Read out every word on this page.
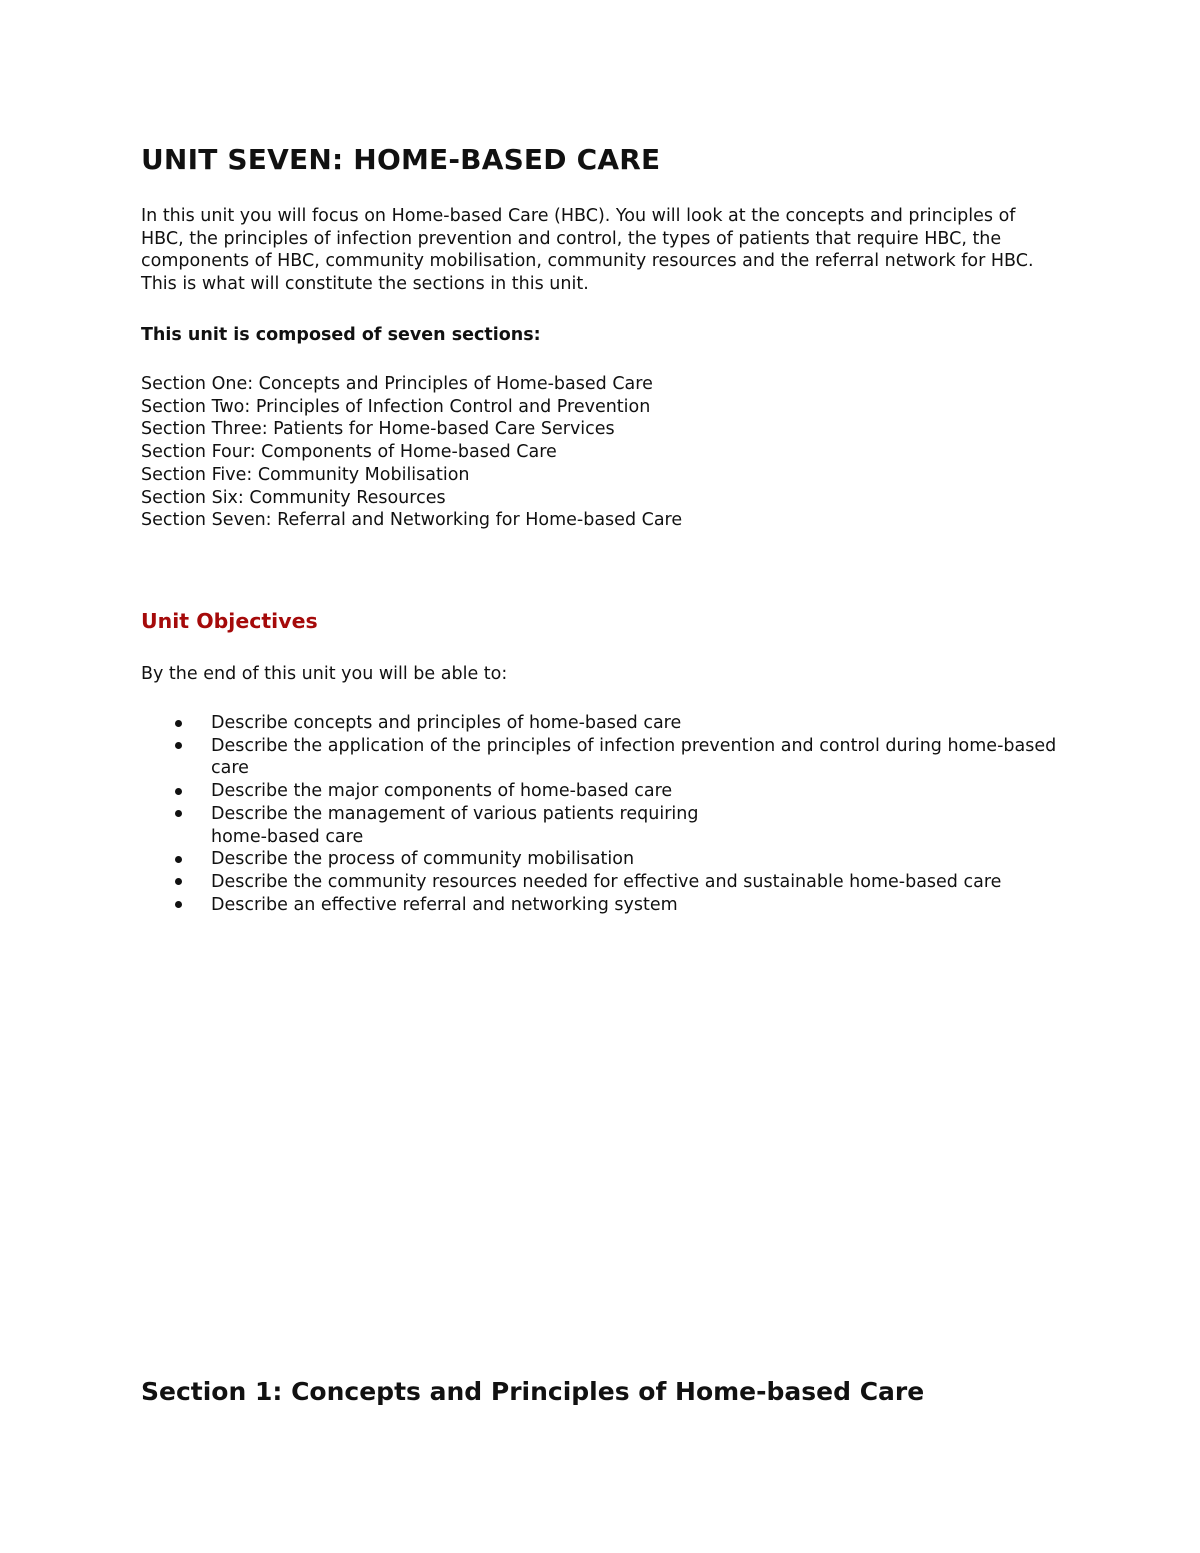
UNIT SEVEN: HOME-BASED CARE

In this unit you will focus on Home-based Care (HBC). You will look at the concepts and principles of
HBC, the principles of infection prevention and control, the types of patients that require HBC, the
components of HBC, community mobilisation, community resources and the referral network for HBC.
This is what will constitute the sections in this unit.

This unit is composed of seven sections:

Section One: Concepts and Principles of Home-based Care
Section Two: Principles of Infection Control and Prevention
Section Three: Patients for Home-based Care Services
Section Four: Components of Home-based Care
Section Five: Community Mobilisation
Section Six: Community Resources
Section Seven: Referral and Networking for Home-based Care
Unit Objectives

By the end of this unit you will be able to:

Describe concepts and principles of home-based care
Describe the application of the principles of infection prevention and control during home-based
care
Describe the major components of home-based care
Describe the management of various patients requiring
home-based care
Describe the process of community mobilisation
Describe the community resources needed for effective and sustainable home-based care
Describe an effective referral and networking system
Section 1: Concepts and Principles of Home-based Care
